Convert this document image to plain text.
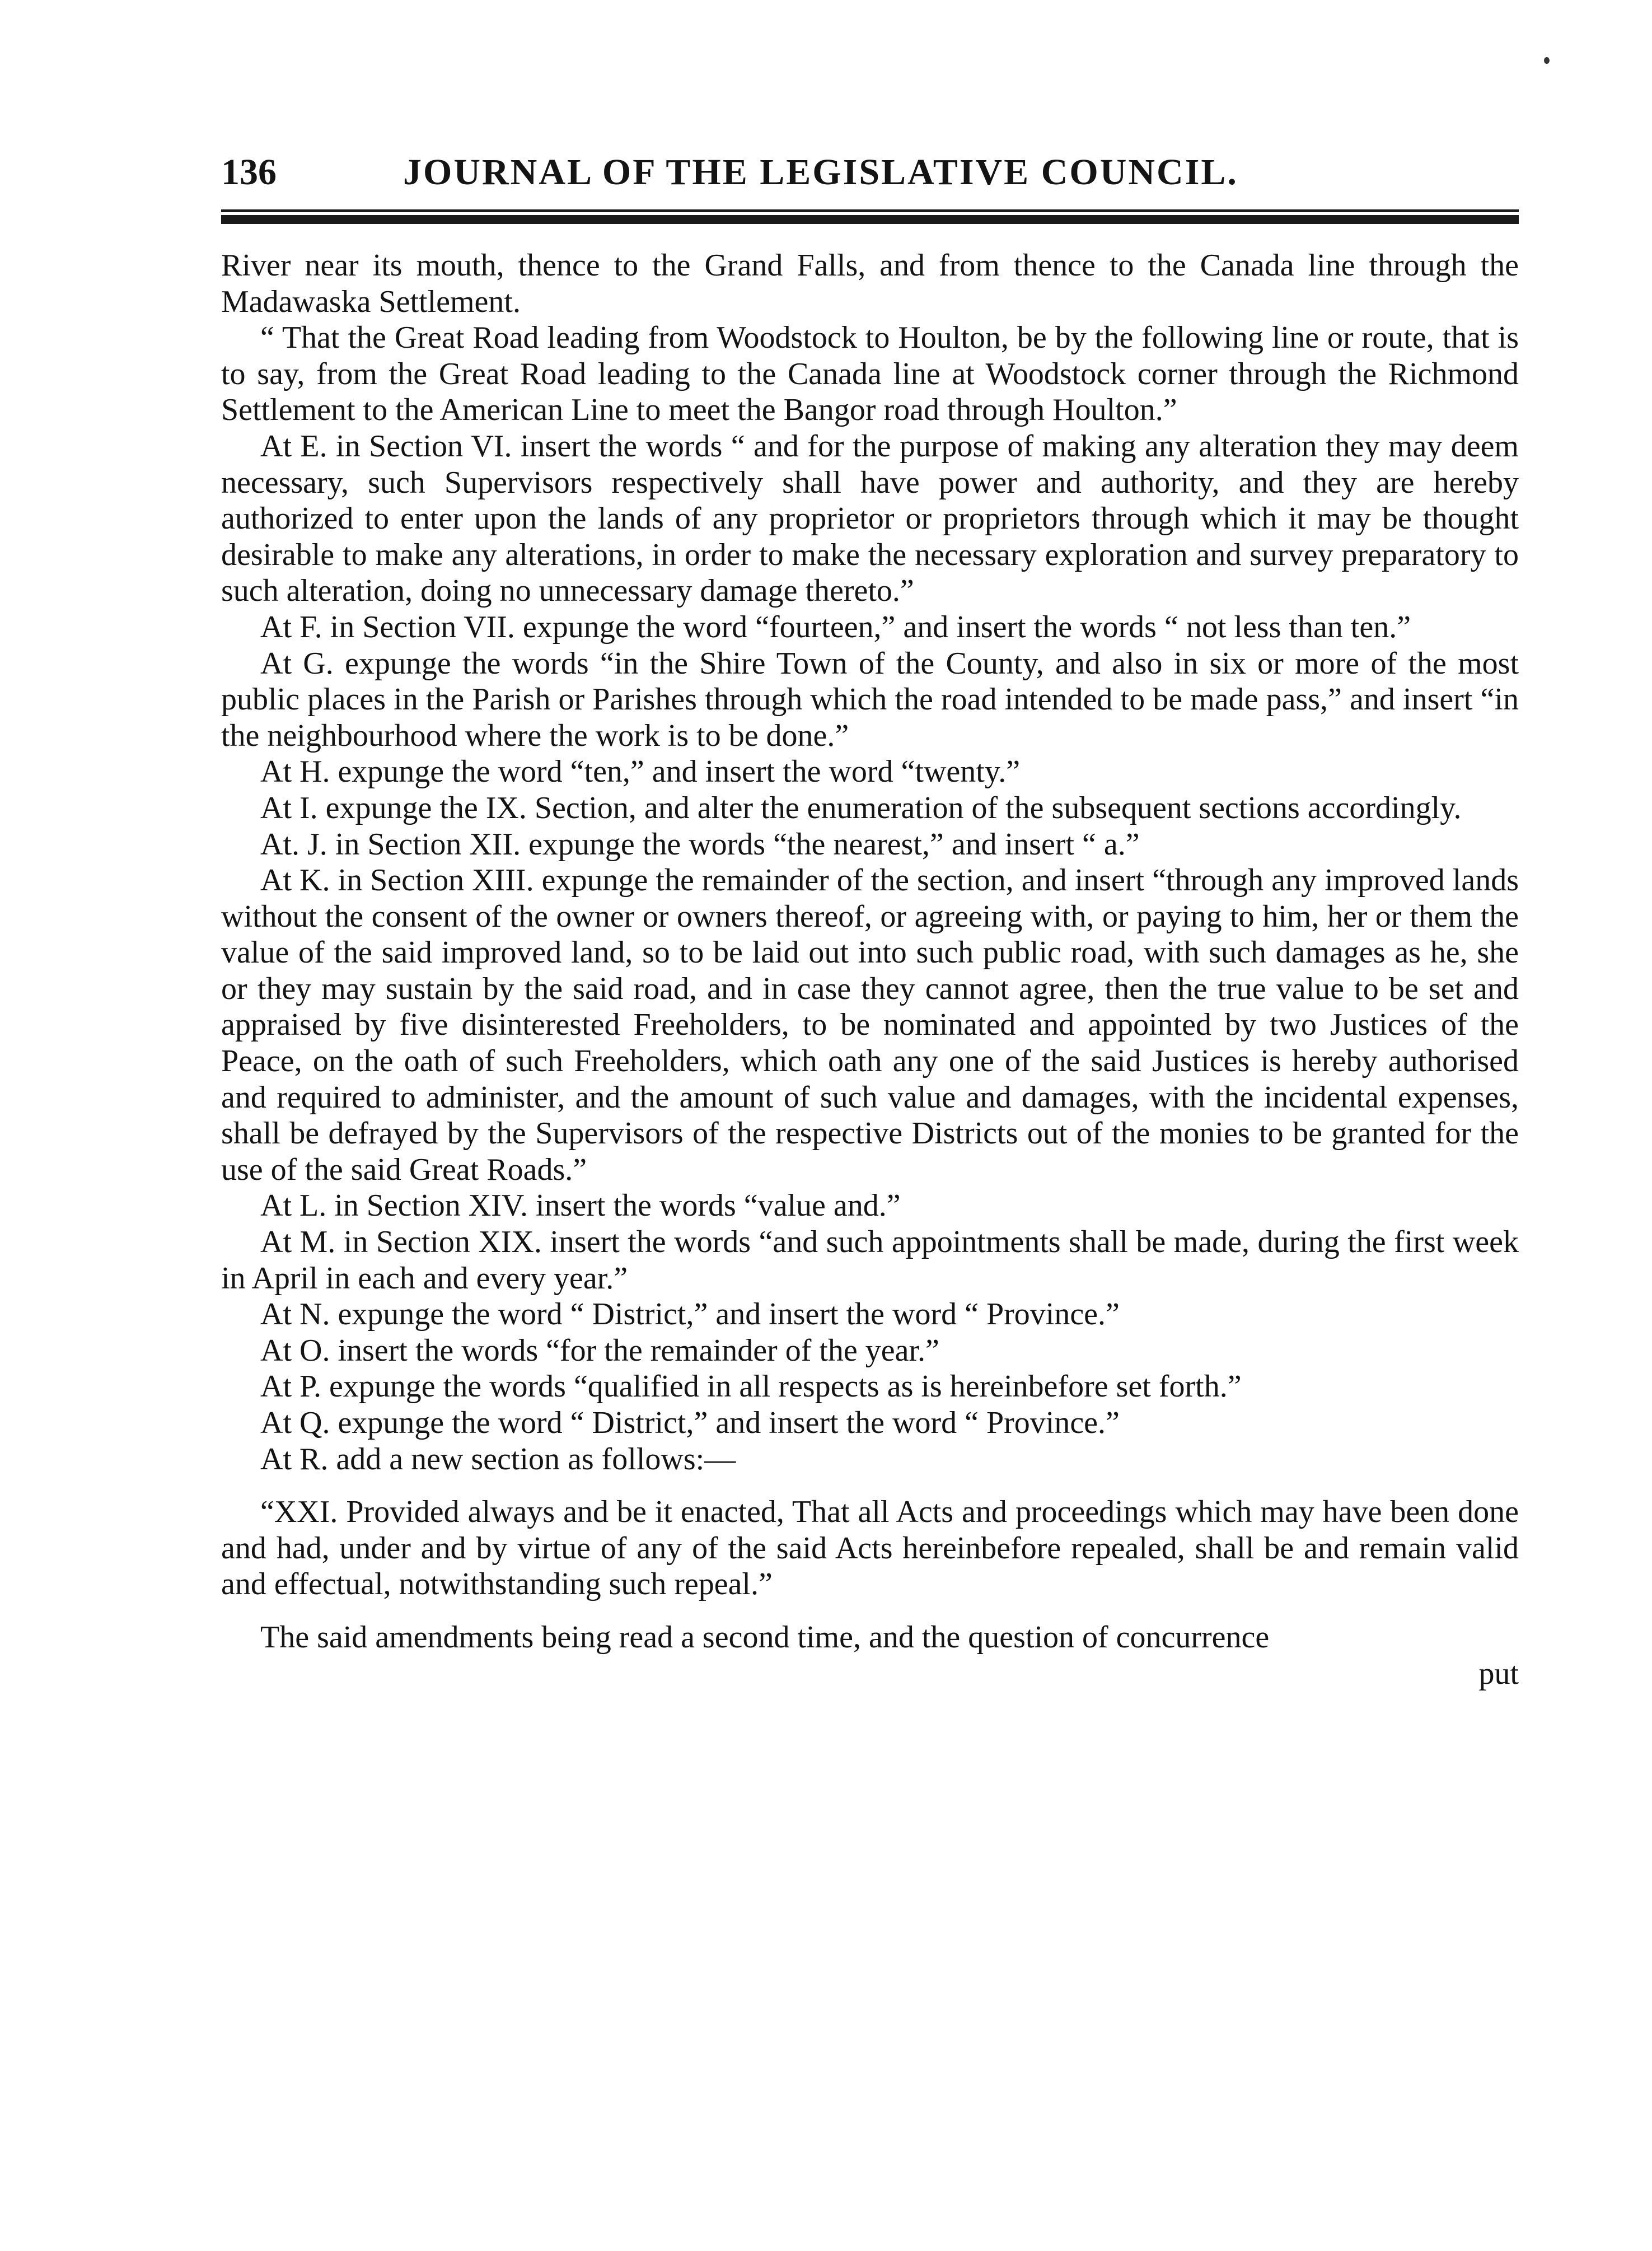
136	JOURNAL OF THE LEGISLATIVE COUNCIL.

River near its mouth, thence to the Grand Falls, and from thence to the Canada line through the Madawaska Settlement.

“ That the Great Road leading from Woodstock to Houlton, be by the following line or route, that is to say, from the Great Road leading to the Canada line at Woodstock corner through the Richmond Settlement to the American Line to meet the Bangor road through Houlton.”

At E. in Section VI. insert the words “ and for the purpose of making any alteration they may deem necessary, such Supervisors respectively shall have power and authority, and they are hereby authorized to enter upon the lands of any proprietor or proprietors through which it may be thought desirable to make any alterations, in order to make the necessary exploration and survey preparatory to such alteration, doing no unnecessary damage thereto.”

At F. in Section VII. expunge the word “fourteen,” and insert the words “ not less than ten.”

At G. expunge the words “in the Shire Town of the County, and also in six or more of the most public places in the Parish or Parishes through which the road intended to be made pass,” and insert “in the neighbourhood where the work is to be done.”

At H. expunge the word “ten,” and insert the word “twenty.”

At I. expunge the IX. Section, and alter the enumeration of the subsequent sections accordingly.

At. J. in Section XII. expunge the words “the nearest,” and insert “ a.”

At K. in Section XIII. expunge the remainder of the section, and insert “through any improved lands without the consent of the owner or owners thereof, or agreeing with, or paying to him, her or them the value of the said improved land, so to be laid out into such public road, with such damages as he, she or they may sustain by the said road, and in case they cannot agree, then the true value to be set and appraised by five disinterested Freeholders, to be nominated and appointed by two Justices of the Peace, on the oath of such Freeholders, which oath any one of the said Justices is hereby authorised and required to administer, and the amount of such value and damages, with the incidental expenses, shall be defrayed by the Supervisors of the respective Districts out of the monies to be granted for the use of the said Great Roads.”

At L. in Section XIV. insert the words “value and.”

At M. in Section XIX. insert the words “and such appointments shall be made, during the first week in April in each and every year.”

At N. expunge the word “ District,” and insert the word “ Province.”

At O. insert the words “for the remainder of the year.”

At P. expunge the words “qualified in all respects as is hereinbefore set forth.”

At Q. expunge the word “ District,” and insert the word “ Province.”

At R. add a new section as follows:—

“XXI. Provided always and be it enacted, That all Acts and proceedings which may have been done and had, under and by virtue of any of the said Acts hereinbefore repealed, shall be and remain valid and effectual, notwithstanding such repeal.”

The said amendments being read a second time, and the question of concurrence

put
